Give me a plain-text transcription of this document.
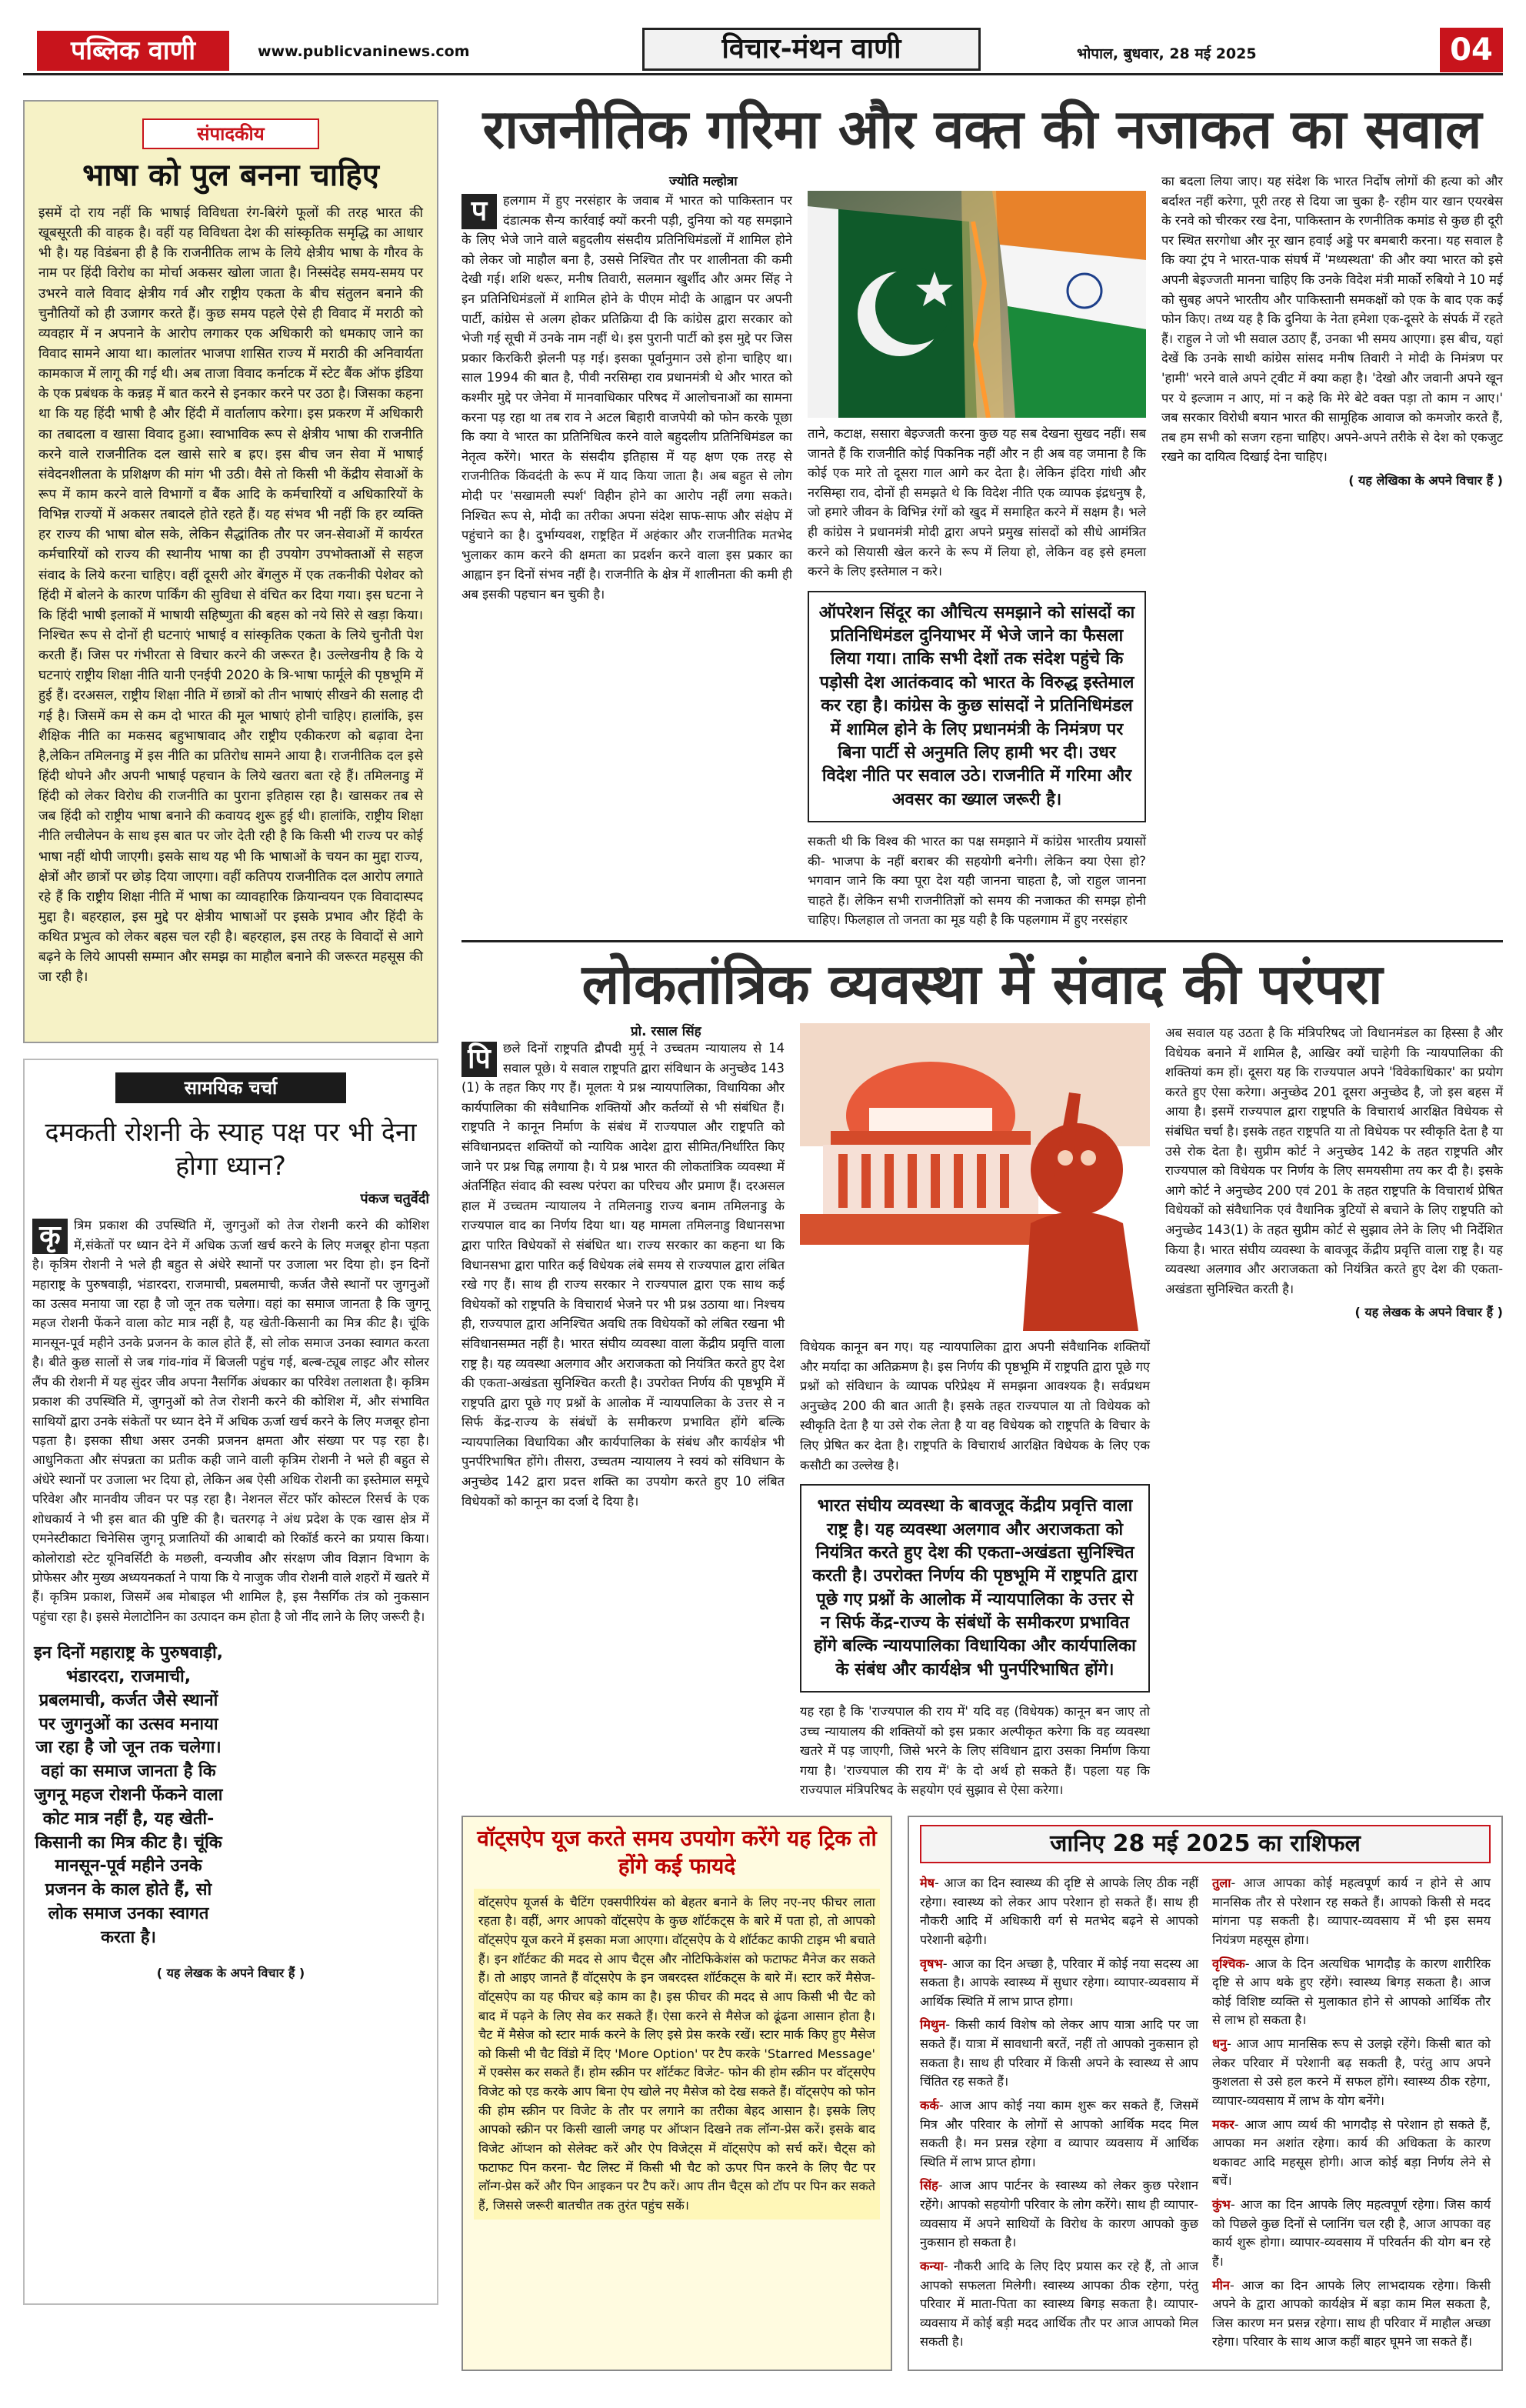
पब्लिक वाणी	www.publicvaninews.com	विचार-मंथन वाणी	भोपाल, बुधवार, 28 मई 2025	04
संपादकीय
भाषा को पुल बनना चाहिए
इसमें दो राय नहीं कि भाषाई विविधता रंग-बिरंगे फूलों की तरह भारत की खूबसूरती की वाहक है। वहीं यह विविधता देश की सांस्कृतिक समृद्धि का आधार भी है। यह विडंबना ही है कि राजनीतिक लाभ के लिये क्षेत्रीय भाषा के गौरव के नाम पर हिंदी विरोध का मोर्चा अकसर खोला जाता है। निस्संदेह समय-समय पर उभरने वाले विवाद क्षेत्रीय गर्व और राष्ट्रीय एकता के बीच संतुलन बनाने की चुनौतियों को ही उजागर करते हैं। कुछ समय पहले ऐसे ही विवाद में मराठी को व्यवहार में न अपनाने के आरोप लगाकर एक अधिकारी को धमकाए जाने का विवाद सामने आया था। कालांतर भाजपा शासित राज्य में मराठी की अनिवार्यता कामकाज में लागू की गई थी। अब ताजा विवाद कर्नाटक में स्टेट बैंक ऑफ इंडिया के एक प्रबंधक के कन्नड़ में बात करने से इनकार करने पर उठा है। जिसका कहना था कि यह हिंदी भाषी है और हिंदी में वार्तालाप करेगा। इस प्रकरण में अधिकारी का तबादला व खासा विवाद हुआ। स्वाभाविक रूप से क्षेत्रीय भाषा की राजनीति करने वाले राजनीतिक दल खासे सारे ब ह्रए। इस बीच जन सेवा में भाषाई संवेदनशीलता के प्रशिक्षण की मांग भी उठी। वैसे तो किसी भी केंद्रीय सेवाओं के रूप में काम करने वाले विभागों व बैंक आदि के कर्मचारियों व अधिकारियों के विभिन्न राज्यों में अकसर तबादले होते रहते हैं। यह संभव भी नहीं कि हर व्यक्ति हर राज्य की भाषा बोल सके, लेकिन सैद्धांतिक तौर पर जन-सेवाओं में कार्यरत कर्मचारियों को राज्य की स्थानीय भाषा का ही उपयोग उपभोक्ताओं से सहज संवाद के लिये करना चाहिए। वहीं दूसरी ओर बेंगलुरु में एक तकनीकी पेशेवर को हिंदी में बोलने के कारण पार्किंग की सुविधा से वंचित कर दिया गया। इस घटना ने कि हिंदी भाषी इलाकों में भाषायी सहिष्णुता की बहस को नये सिरे से खड़ा किया। निश्चित रूप से दोनों ही घटनाएं भाषाई व सांस्कृतिक एकता के लिये चुनौती पेश करती हैं। जिस पर गंभीरता से विचार करने की जरूरत है। उल्लेखनीय है कि ये घटनाएं राष्ट्रीय शिक्षा नीति यानी एनईपी 2020 के त्रि-भाषा फार्मूले की पृष्ठभूमि में हुई हैं। दरअसल, राष्ट्रीय शिक्षा नीति में छात्रों को तीन भाषाएं सीखने की सलाह दी गई है। जिसमें कम से कम दो भारत की मूल भाषाएं होनी चाहिए। हालांकि, इस शैक्षिक नीति का मकसद बहुभाषावाद और राष्ट्रीय एकीकरण को बढ़ावा देना है,लेकिन तमिलनाडु में इस नीति का प्रतिरोध सामने आया है। राजनीतिक दल इसे हिंदी थोपने और अपनी भाषाई पहचान के लिये खतरा बता रहे हैं। तमिलनाडु में हिंदी को लेकर विरोध की राजनीति का पुराना इतिहास रहा है। खासकर तब से जब हिंदी को राष्ट्रीय भाषा बनाने की कवायद शुरू हुई थी। हालांकि, राष्ट्रीय शिक्षा नीति लचीलेपन के साथ इस बात पर जोर देती रही है कि किसी भी राज्य पर कोई भाषा नहीं थोपी जाएगी। इसके साथ यह भी कि भाषाओं के चयन का मुद्दा राज्य, क्षेत्रों और छात्रों पर छोड़ दिया जाएगा। वहीं कतिपय राजनीतिक दल आरोप लगाते रहे हैं कि राष्ट्रीय शिक्षा नीति में भाषा का व्यावहारिक क्रियान्वयन एक विवादास्पद मुद्दा है। बहरहाल, इस मुद्दे पर क्षेत्रीय भाषाओं पर इसके प्रभाव और हिंदी के कथित प्रभुत्व को लेकर बहस चल रही है। बहरहाल, इस तरह के विवादों से आगे बढ़ने के लिये आपसी सम्मान और समझ का माहौल बनाने की जरूरत महसूस की जा रही है।
सामयिक चर्चा
दमकती रोशनी के स्याह पक्ष पर भी देना होगा ध्यान?
पंकज चतुर्वेदी
कृ	त्रिम प्रकाश की उपस्थिति में, जुगनुओं को तेज रोशनी करने की कोशिश में,संकेतों पर ध्यान देने में अधिक ऊर्जा खर्च करने के लिए मजबूर होना पड़ता है। कृत्रिम रोशनी ने भले ही बहुत से अंधेरे स्थानों पर उजाला भर दिया हो। इन दिनों महाराष्ट्र के पुरुषवाड़ी, भंडारदरा, राजमाची, प्रबलमाची, कर्जत जैसे स्थानों पर जुगनुओं का उत्सव मनाया जा रहा है जो जून तक चलेगा। वहां का समाज जानता है कि जुगनू महज रोशनी फेंकने वाला कोट मात्र नहीं है, यह खेती-किसानी का मित्र कीट है। चूंकि मानसून-पूर्व महीने उनके प्रजनन के काल होते हैं, सो लोक समाज उनका स्वागत करता है। बीते कुछ सालों से जब गांव-गांव में बिजली पहुंच गई, बल्ब-ट्यूब लाइट और सोलर लैंप की रोशनी में यह सुंदर जीव अपना नैसर्गिक अंधकार का परिवेश तलाशता है। कृत्रिम प्रकाश की उपस्थिति में, जुगनुओं को तेज रोशनी करने की कोशिश में, और संभावित साथियों द्वारा उनके संकेतों पर ध्यान देने में अधिक ऊर्जा खर्च करने के लिए मजबूर होना पड़ता है। इसका सीधा असर उनकी प्रजनन क्षमता और संख्या पर पड़ रहा है। आधुनिकता और संपन्नता का प्रतीक कही जाने वाली कृत्रिम रोशनी ने भले ही बहुत से अंधेरे स्थानों पर उजाला भर दिया हो, लेकिन अब ऐसी अधिक रोशनी का इस्तेमाल समूचे परिवेश और मानवीय जीवन पर पड़ रहा है। नेशनल सेंटर फॉर कोस्टल रिसर्च के एक शोधकार्य ने भी इस बात की पुष्टि की है। चतरगढ़ ने अंध प्रदेश के एक खास क्षेत्र में एमनेस्टीकाटा चिनेसिस जुगनू प्रजातियों की आबादी को रिकॉर्ड करने का प्रयास किया। कोलोराडो स्टेट यूनिवर्सिटी के मछली, वन्यजीव और संरक्षण जीव विज्ञान विभाग के प्रोफेसर और मुख्य अध्ययनकर्ता ने पाया कि ये नाजुक जीव रोशनी वाले शहरों में खतरे में हैं। कृत्रिम प्रकाश, जिसमें अब मोबाइल भी शामिल है, इस नैसर्गिक तंत्र को नुकसान पहुंचा रहा है। इससे मेलाटोनिन का उत्पादन कम होता है जो नींद लाने के लिए जरूरी है।
इन दिनों महाराष्ट्र के पुरुषवाड़ी, भंडारदरा, राजमाची, प्रबलमाची, कर्जत जैसे स्थानों पर जुगनुओं का उत्सव मनाया जा रहा है जो जून तक चलेगा। वहां का समाज जानता है कि जुगनू महज रोशनी फेंकने वाला कोट मात्र नहीं है, यह खेती-किसानी का मित्र कीट है। चूंकि मानसून-पूर्व महीने उनके प्रजनन के काल होते हैं, सो लोक समाज उनका स्वागत करता है।
( यह लेखक के अपने विचार हैं )
राजनीतिक गरिमा और वक्त की नजाकत का सवाल
ज्योति मल्होत्रा
प	हलगाम में हुए नरसंहार के जवाब में भारत को पाकिस्तान पर दंडात्मक सैन्य कार्रवाई क्यों करनी पड़ी, दुनिया को यह समझाने के लिए भेजे जाने वाले बहुदलीय संसदीय प्रतिनिधिमंडलों में शामिल होने को लेकर जो माहौल बना है, उससे निश्चित तौर पर शालीनता की कमी देखी गई। शशि थरूर, मनीष तिवारी, सलमान खुर्शीद और अमर सिंह ने इन प्रतिनिधिमंडलों में शामिल होने के पीएम मोदी के आह्वान पर अपनी पार्टी, कांग्रेस से अलग होकर प्रतिक्रिया दी कि कांग्रेस द्वारा सरकार को भेजी गई सूची में उनके नाम नहीं थे। इस पुरानी पार्टी को इस मुद्दे पर जिस प्रकार किरकिरी झेलनी पड़ गई। इसका पूर्वानुमान उसे होना चाहिए था। साल 1994 की बात है, पीवी नरसिम्हा राव प्रधानमंत्री थे और भारत को कश्मीर मुद्दे पर जेनेवा में मानवाधिकार परिषद में आलोचनाओं का सामना करना पड़ रहा था तब राव ने अटल बिहारी वाजपेयी को फोन करके पूछा कि क्या वे भारत का प्रतिनिधित्व करने वाले बहुदलीय प्रतिनिधिमंडल का नेतृत्व करेंगे। भारत के संसदीय इतिहास में यह क्षण एक तरह से राजनीतिक किंवदंती के रूप में याद किया जाता है। अब बहुत से लोग मोदी पर 'सखामली स्पर्श' विहीन होने का आरोप नहीं लगा सकते। निश्चित रूप से, मोदी का तरीका अपना संदेश साफ-साफ और संक्षेप में पहुंचाने का है। दुर्भाग्यवश, राष्ट्रहित में अहंकार और राजनीतिक मतभेद भुलाकर काम करने की क्षमता का प्रदर्शन करने वाला इस प्रकार का आह्वान इन दिनों संभव नहीं है। राजनीति के क्षेत्र में शालीनता की कमी ही अब इसकी पहचान बन चुकी है।
ताने, कटाक्ष, ससारा बेइज्जती करना कुछ यह सब देखना सुखद नहीं। सब जानते हैं कि राजनीति कोई पिकनिक नहीं और न ही अब वह जमाना है कि कोई एक मारे तो दूसरा गाल आगे कर देता है। लेकिन इंदिरा गांधी और नरसिम्हा राव, दोनों ही समझते थे कि विदेश नीति एक व्यापक इंद्रधनुष है, जो हमारे जीवन के विभिन्न रंगों को खुद में समाहित करने में सक्षम है। भले ही कांग्रेस ने प्रधानमंत्री मोदी द्वारा अपने प्रमुख सांसदों को सीधे आमंत्रित करने को सियासी खेल करने के रूप में लिया हो, लेकिन वह इसे हमला करने के लिए इस्तेमाल न करे।
ऑपरेशन सिंदूर का औचित्य समझाने को सांसदों का प्रतिनिधिमंडल दुनियाभर में भेजे जाने का फैसला लिया गया। ताकि सभी देशों तक संदेश पहुंचे कि पड़ोसी देश आतंकवाद को भारत के विरुद्ध इस्तेमाल कर रहा है। कांग्रेस के कुछ सांसदों ने प्रतिनिधिमंडल में शामिल होने के लिए प्रधानमंत्री के निमंत्रण पर बिना पार्टी से अनुमति लिए हामी भर दी। उधर विदेश नीति पर सवाल उठे। राजनीति में गरिमा और अवसर का ख्याल जरूरी है।
सकती थी कि विश्व की भारत का पक्ष समझाने में कांग्रेस भारतीय प्रयासों की- भाजपा के नहीं बराबर की सहयोगी बनेगी। लेकिन क्या ऐसा हो? भगवान जाने कि क्या पूरा देश यही जानना चाहता है, जो राहुल जानना चाहते हैं। लेकिन सभी राजनीतिज्ञों को समय की नजाकत की समझ होनी चाहिए। फिलहाल तो जनता का मूड यही है कि पहलगाम में हुए नरसंहार
का बदला लिया जाए। यह संदेश कि भारत निर्दोष लोगों की हत्या को और बर्दाश्त नहीं करेगा, पूरी तरह से दिया जा चुका है- रहीम यार खान एयरबेस के रनवे को चीरकर रख देना, पाकिस्तान के रणनीतिक कमांड से कुछ ही दूरी पर स्थित सरगोधा और नूर खान हवाई अड्डे पर बमबारी करना। यह सवाल है कि क्या ट्रंप ने भारत-पाक संघर्ष में 'मध्यस्थता' की और क्या भारत को इसे अपनी बेइज्जती मानना चाहिए कि उनके विदेश मंत्री मार्को रुबियो ने 10 मई को सुबह अपने भारतीय और पाकिस्तानी समकक्षों को एक के बाद एक कई फोन किए। तथ्य यह है कि दुनिया के नेता हमेशा एक-दूसरे के संपर्क में रहते हैं। राहुल ने जो भी सवाल उठाए हैं, उनका भी समय आएगा। इस बीच, यहां देखें कि उनके साथी कांग्रेस सांसद मनीष तिवारी ने मोदी के निमंत्रण पर 'हामी' भरने वाले अपने ट्वीट में क्या कहा है। 'देखो और जवानी अपने खून पर ये इल्जाम न आए, मां न कहे कि मेरे बेटे वक्त पड़ा तो काम न आए।' जब सरकार विरोधी बयान भारत की सामूहिक आवाज को कमजोर करते हैं, तब हम सभी को सजग रहना चाहिए। अपने-अपने तरीके से देश को एकजुट रखने का दायित्व दिखाई देना चाहिए।
( यह लेखिका के अपने विचार हैं )
लोकतांत्रिक व्यवस्था में संवाद की परंपरा
प्रो. रसाल सिंह
पि छले दिनों राष्ट्रपति द्रौपदी मुर्मू ने उच्चतम न्यायालय से 14 सवाल पूछे। ये सवाल राष्ट्रपति द्वारा संविधान के अनुच्छेद 143 (1) के तहत किए गए हैं। मूलतः ये प्रश्न न्यायपालिका, विधायिका और कार्यपालिका की संवैधानिक शक्तियों और कर्तव्यों से भी संबंधित हैं। राष्ट्रपति ने कानून निर्माण के संबंध में राज्यपाल और राष्ट्रपति को संविधानप्रदत्त शक्तियों को न्यायिक आदेश द्वारा सीमित/निर्धारित किए जाने पर प्रश्न चिह्न लगाया है। ये प्रश्न भारत की लोकतांत्रिक व्यवस्था में अंतर्निहित संवाद की स्वस्थ परंपरा का परिचय और प्रमाण हैं। दरअसल हाल में उच्चतम न्यायालय ने तमिलनाडु राज्य बनाम तमिलनाडु के राज्यपाल वाद का निर्णय दिया था। यह मामला तमिलनाडु विधानसभा द्वारा पारित विधेयकों से संबंधित था। राज्य सरकार का कहना था कि विधानसभा द्वारा पारित कई विधेयक लंबे समय से राज्यपाल द्वारा लंबित रखे गए हैं। साथ ही राज्य सरकार ने राज्यपाल द्वारा एक साथ कई विधेयकों को राष्ट्रपति के विचारार्थ भेजने पर भी प्रश्न उठाया था। निश्चय ही, राज्यपाल द्वारा अनिश्चित अवधि तक विधेयकों को लंबित रखना भी संविधानसम्मत नहीं है। भारत संघीय व्यवस्था वाला केंद्रीय प्रवृत्ति वाला राष्ट्र है। यह व्यवस्था अलगाव और अराजकता को नियंत्रित करते हुए देश की एकता-अखंडता सुनिश्चित करती है। उपरोक्त निर्णय की पृष्ठभूमि में राष्ट्रपति द्वारा पूछे गए प्रश्नों के आलोक में न्यायपालिका के उत्तर से न सिर्फ केंद्र-राज्य के संबंधों के समीकरण प्रभावित होंगे बल्कि न्यायपालिका विधायिका और कार्यपालिका के संबंध और कार्यक्षेत्र भी पुनर्परिभाषित होंगे। तीसरा, उच्चतम न्यायालय ने स्वयं को संविधान के अनुच्छेद 142 द्वारा प्रदत्त शक्ति का उपयोग करते हुए 10 लंबित विधेयकों को कानून का दर्जा दे दिया है।
विधेयक कानून बन गए। यह न्यायपालिका द्वारा अपनी संवैधानिक शक्तियों और मर्यादा का अतिक्रमण है। इस निर्णय की पृष्ठभूमि में राष्ट्रपति द्वारा पूछे गए प्रश्नों को संविधान के व्यापक परिप्रेक्ष्य में समझना आवश्यक है। सर्वप्रथम अनुच्छेद 200 की बात आती है। इसके तहत राज्यपाल या तो विधेयक को स्वीकृति देता है या उसे रोक लेता है या वह विधेयक को राष्ट्रपति के विचार के लिए प्रेषित कर देता है। राष्ट्रपति के विचारार्थ आरक्षित विधेयक के लिए एक कसौटी का उल्लेख है।
भारत संघीय व्यवस्था के बावजूद केंद्रीय प्रवृत्ति वाला राष्ट्र है। यह व्यवस्था अलगाव और अराजकता को नियंत्रित करते हुए देश की एकता-अखंडता सुनिश्चित करती है। उपरोक्त निर्णय की पृष्ठभूमि में राष्ट्रपति द्वारा पूछे गए प्रश्नों के आलोक में न्यायपालिका के उत्तर से न सिर्फ केंद्र-राज्य के संबंधों के समीकरण प्रभावित होंगे बल्कि न्यायपालिका विधायिका और कार्यपालिका के संबंध और कार्यक्षेत्र भी पुनर्परिभाषित होंगे।
यह रहा है कि 'राज्यपाल की राय में' यदि वह (विधेयक) कानून बन जाए तो उच्च न्यायालय की शक्तियों को इस प्रकार अल्पीकृत करेगा कि वह व्यवस्था खतरे में पड़ जाएगी, जिसे भरने के लिए संविधान द्वारा उसका निर्माण किया गया है। 'राज्यपाल की राय में' के दो अर्थ हो सकते हैं। पहला यह कि राज्यपाल मंत्रिपरिषद के सहयोग एवं सुझाव से ऐसा करेगा।
अब सवाल यह उठता है कि मंत्रिपरिषद जो विधानमंडल का हिस्सा है और विधेयक बनाने में शामिल है, आखिर क्यों चाहेगी कि न्यायपालिका की शक्तियां कम हों। दूसरा यह कि राज्यपाल अपने 'विवेकाधिकार' का प्रयोग करते हुए ऐसा करेगा। अनुच्छेद 201 दूसरा अनुच्छेद है, जो इस बहस में आया है। इसमें राज्यपाल द्वारा राष्ट्रपति के विचारार्थ आरक्षित विधेयक से संबंधित चर्चा है। इसके तहत राष्ट्रपति या तो विधेयक पर स्वीकृति देता है या उसे रोक देता है। सुप्रीम कोर्ट ने अनुच्छेद 142 के तहत राष्ट्रपति और राज्यपाल को विधेयक पर निर्णय के लिए समयसीमा तय कर दी है। इसके आगे कोर्ट ने अनुच्छेद 200 एवं 201 के तहत राष्ट्रपति के विचारार्थ प्रेषित विधेयकों को संवैधानिक एवं वैधानिक त्रुटियों से बचाने के लिए राष्ट्रपति को अनुच्छेद 143(1) के तहत सुप्रीम कोर्ट से सुझाव लेने के लिए भी निर्देशित किया है। भारत संघीय व्यवस्था के बावजूद केंद्रीय प्रवृत्ति वाला राष्ट्र है। यह व्यवस्था अलगाव और अराजकता को नियंत्रित करते हुए देश की एकता-अखंडता सुनिश्चित करती है।
( यह लेखक के अपने विचार हैं )
वॉट्सऐप यूज करते समय उपयोग करेंगे यह ट्रिक तो होंगे कई फायदे
वॉट्सऐप यूजर्स के चैटिंग एक्सपीरियंस को बेहतर बनाने के लिए नए-नए फीचर लाता रहता है। वहीं, अगर आपको वॉट्सऐप के कुछ शॉर्टकट्स के बारे में पता हो, तो आपको वॉट्सऐप यूज करने में इसका मजा आएगा। वॉट्सऐप के ये शॉर्टकट काफी टाइम भी बचाते हैं। इन शॉर्टकट की मदद से आप चैट्स और नोटिफिकेशंस को फटाफट मैनेज कर सकते हैं। तो आइए जानते हैं वॉट्सऐप के इन जबरदस्त शॉर्टकट्स के बारे में। स्टार करें मैसेज- वॉट्सऐप का यह फीचर बड़े काम का है। इस फीचर की मदद से आप किसी भी चैट को बाद में पढ़ने के लिए सेव कर सकते हैं। ऐसा करने से मैसेज को ढूंढना आसान होता है। चैट में मैसेज को स्टार मार्क करने के लिए इसे प्रेस करके रखें। स्टार मार्क किए हुए मैसेज को किसी भी चैट विंडो में दिए 'More Option' पर टैप करके 'Starred Message' में एक्सेस कर सकते हैं। होम स्क्रीन पर शॉर्टकट विजेट- फोन की होम स्क्रीन पर वॉट्सऐप विजेट को एड करके आप बिना ऐप खोले नए मैसेज को देख सकते हैं। वॉट्सऐप को फोन की होम स्क्रीन पर विजेट के तौर पर लगाने का तरीका बेहद आसान है। इसके लिए आपको स्क्रीन पर किसी खाली जगह पर ऑप्शन दिखने तक लॉन्ग-प्रेस करें। इसके बाद विजेट ऑप्शन को सेलेक्ट करें और ऐप विजेट्स में वॉट्सऐप को सर्च करें। चैट्स को फटाफट पिन करना- चैट लिस्ट में किसी भी चैट को ऊपर पिन करने के लिए चैट पर लॉन्ग-प्रेस करें और पिन आइकन पर टैप करें। आप तीन चैट्स को टॉप पर पिन कर सकते हैं, जिससे जरूरी बातचीत तक तुरंत पहुंच सकें।
जानिए 28 मई 2025 का राशिफल

मेष- आज का दिन स्वास्थ्य की दृष्टि से आपके लिए ठीक नहीं रहेगा। स्वास्थ्य को लेकर आप परेशान हो सकते हैं। साथ ही नौकरी आदि में अधिकारी वर्ग से मतभेद बढ़ने से आपको परेशानी बढ़ेगी।

वृषभ- आज का दिन अच्छा है, परिवार में कोई नया सदस्य आ सकता है। आपके स्वास्थ्य में सुधार रहेगा। व्यापार-व्यवसाय में आर्थिक स्थिति में लाभ प्राप्त होगा।

मिथुन- किसी कार्य विशेष को लेकर आप यात्रा आदि पर जा सकते हैं। यात्रा में सावधानी बरतें, नहीं तो आपको नुकसान हो सकता है। साथ ही परिवार में किसी अपने के स्वास्थ्य से आप चिंतित रह सकते हैं।

कर्क- आज आप कोई नया काम शुरू कर सकते हैं, जिसमें मित्र और परिवार के लोगों से आपको आर्थिक मदद मिल सकती है। मन प्रसन्न रहेगा व व्यापार व्यवसाय में आर्थिक स्थिति में लाभ प्राप्त होगा।

सिंह- आज आप पार्टनर के स्वास्थ्य को लेकर कुछ परेशान रहेंगे। आपको सहयोगी परिवार के लोग करेंगे। साथ ही व्यापार-व्यवसाय में अपने साथियों के विरोध के कारण आपको कुछ नुकसान हो सकता है।

कन्या- नौकरी आदि के लिए दिए प्रयास कर रहे हैं, तो आज आपको सफलता मिलेगी। स्वास्थ्य आपका ठीक रहेगा, परंतु परिवार में माता-पिता का स्वास्थ्य बिगड़ सकता है। व्यापार-व्यवसाय में कोई बड़ी मदद आर्थिक तौर पर आज आपको मिल सकती है।

तुला- आज आपका कोई महत्वपूर्ण कार्य न होने से आप मानसिक तौर से परेशान रह सकते हैं। आपको किसी से मदद मांगना पड़ सकती है। व्यापार-व्यवसाय में भी इस समय नियंत्रण महसूस होगा।

वृश्चिक- आज के दिन अत्यधिक भागदौड़ के कारण शारीरिक दृष्टि से आप थके हुए रहेंगे। स्वास्थ्य बिगड़ सकता है। आज कोई विशिष्ट व्यक्ति से मुलाकात होने से आपको आर्थिक तौर से लाभ हो सकता है।

धनु- आज आप मानसिक रूप से उलझे रहेंगे। किसी बात को लेकर परिवार में परेशानी बढ़ सकती है, परंतु आप अपने कुशलता से उसे हल करने में सफल होंगे। स्वास्थ्य ठीक रहेगा, व्यापार-व्यवसाय में लाभ के योग बनेंगे।

मकर- आज आप व्यर्थ की भागदौड़ से परेशान हो सकते हैं, आपका मन अशांत रहेगा। कार्य की अधिकता के कारण थकावट आदि महसूस होगी। आज कोई बड़ा निर्णय लेने से बचें।

कुंभ- आज का दिन आपके लिए महत्वपूर्ण रहेगा। जिस कार्य को पिछले कुछ दिनों से प्लानिंग चल रही है, आज आपका वह कार्य शुरू होगा। व्यापार-व्यवसाय में परिवर्तन की योग बन रहे हैं।

मीन- आज का दिन आपके लिए लाभदायक रहेगा। किसी अपने के द्वारा आपको कार्यक्षेत्र में बड़ा काम मिल सकता है, जिस कारण मन प्रसन्न रहेगा। साथ ही परिवार में माहौल अच्छा रहेगा। परिवार के साथ आज कहीं बाहर घूमने जा सकते हैं।
